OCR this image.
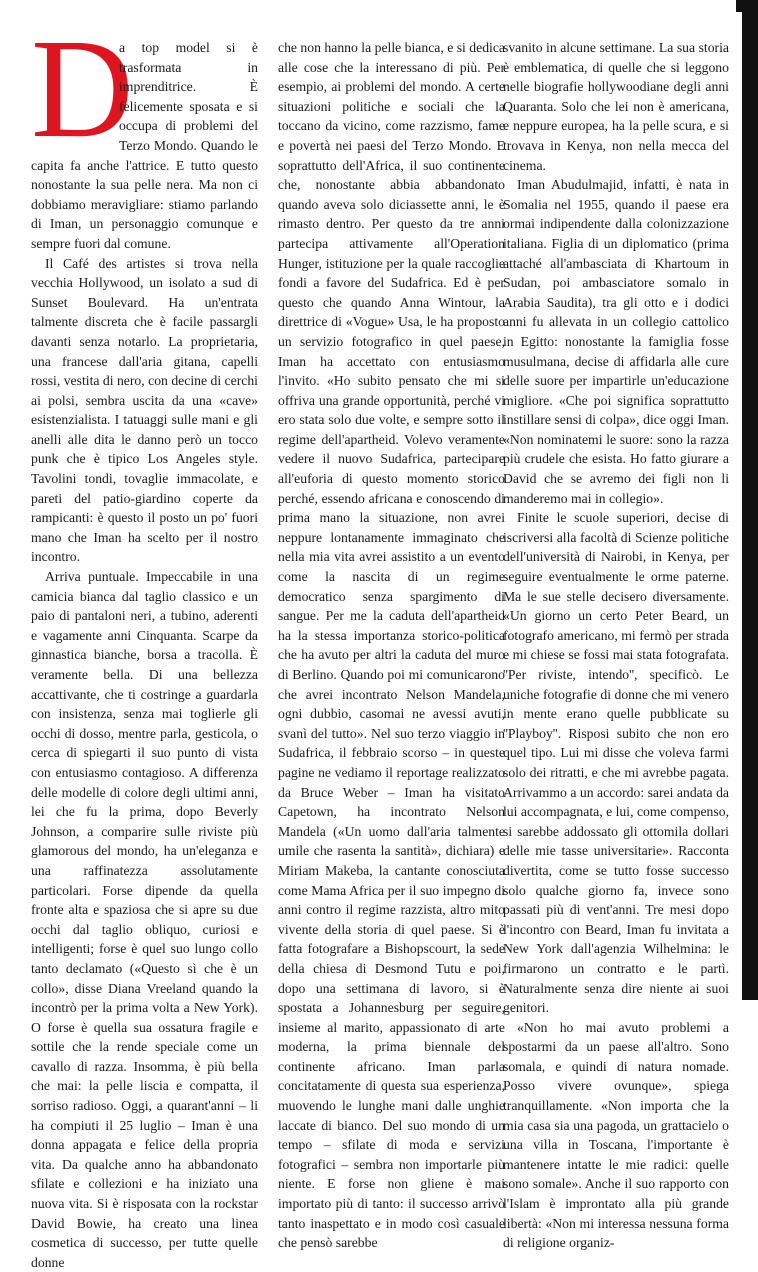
D

a top model si è trasformata in imprenditrice. È felicemente sposata e si occupa di problemi del Terzo Mondo. Quando le capita fa anche l'attrice. E tutto questo nonostante la sua pelle nera. Ma non ci dobbiamo meravigliare: stiamo parlando di Iman, un personaggio comunque e sempre fuori dal comune.

Il Café des artistes si trova nella vecchia Hollywood, un isolato a sud di Sunset Boulevard. Ha un'entrata talmente discreta che è facile passargli davanti senza notarlo. La proprietaria, una francese dall'aria gitana, capelli rossi, vestita di nero, con decine di cerchi ai polsi, sembra uscita da una «cave» esistenzialista. I tatuaggi sulle mani e gli anelli alle dita le danno però un tocco punk che è tipico Los Angeles style. Tavolini tondi, tovaglie immacolate, e pareti del patio-giardino coperte da rampicanti: è questo il posto un po' fuori mano che Iman ha scelto per il nostro incontro.

Arriva puntuale. Impeccabile in una camicia bianca dal taglio classico e un paio di pantaloni neri, a tubino, aderenti e vagamente anni Cinquanta. Scarpe da ginnastica bianche, borsa a tracolla. È veramente bella. Di una bellezza accattivante, che ti costringe a guardarla con insistenza, senza mai toglierle gli occhi di dosso, mentre parla, gesticola, o cerca di spiegarti il suo punto di vista con entusiasmo contagioso. A differenza delle modelle di colore degli ultimi anni, lei che fu la prima, dopo Beverly Johnson, a comparire sulle riviste più glamorous del mondo, ha un'eleganza e una raffinatezza assolutamente particolari. Forse dipende da quella fronte alta e spaziosa che si apre su due occhi dal taglio obliquo, curiosi e intelligenti; forse è quel suo lungo collo tanto declamato («Questo sì che è un collo», disse Diana Vreeland quando la incontrò per la prima volta a New York). O forse è quella sua ossatura fragile e sottile che la rende speciale come un cavallo di razza. Insomma, è più bella che mai: la pelle liscia e compatta, il sorriso radioso. Oggi, a quarant'anni – li ha compiuti il 25 luglio – Iman è una donna appagata e felice della propria vita. Da qualche anno ha abbandonato sfilate e collezioni e ha iniziato una nuova vita. Si è risposata con la rockstar David Bowie, ha creato una linea cosmetica di successo, per tutte quelle donne

che non hanno la pelle bianca, e si dedica alle cose che la interessano di più. Per esempio, ai problemi del mondo. A certe situazioni politiche e sociali che la toccano da vicino, come razzismo, fame e povertà nei paesi del Terzo Mondo. E soprattutto dell'Africa, il suo continente che, nonostante abbia abbandonato quando aveva solo diciassette anni, le è rimasto dentro. Per questo da tre anni partecipa attivamente all'Operation Hunger, istituzione per la quale raccoglie fondi a favore del Sudafrica. Ed è per questo che quando Anna Wintour, la direttrice di «Vogue» Usa, le ha proposto un servizio fotografico in quel paese, Iman ha accettato con entusiasmo l'invito. «Ho subito pensato che mi si offriva una grande opportunità, perché vi ero stata solo due volte, e sempre sotto il regime dell'apartheid. Volevo veramente vedere il nuovo Sudafrica, partecipare all'euforia di questo momento storico perché, essendo africana e conoscendo di prima mano la situazione, non avrei neppure lontanamente immaginato che nella mia vita avrei assistito a un evento come la nascita di un regime democratico senza spargimento di sangue. Per me la caduta dell'apartheid ha la stessa importanza storico-politica che ha avuto per altri la caduta del muro di Berlino. Quando poi mi comunicarono che avrei incontrato Nelson Mandela, ogni dubbio, casomai ne avessi avuti, svanì del tutto». Nel suo terzo viaggio in Sudafrica, il febbraio scorso – in queste pagine ne vediamo il reportage realizzato da Bruce Weber – Iman ha visitato Capetown, ha incontrato Nelson Mandela («Un uomo dall'aria talmente umile che rasenta la santità», dichiara) e Miriam Makeba, la cantante conosciuta come Mama Africa per il suo impegno di anni contro il regime razzista, altro mito vivente della storia di quel paese. Si è fatta fotografare a Bishopscourt, la sede della chiesa di Desmond Tutu e poi, dopo una settimana di lavoro, si è spostata a Johannesburg per seguire, insieme al marito, appassionato di arte moderna, la prima biennale del continente africano. Iman parla concitatamente di questa sua esperienza, muovendo le lunghe mani dalle unghie laccate di bianco. Del suo mondo di un tempo – sfilate di moda e servizi fotografici – sembra non importarle più niente. E forse non gliene è mai importato più di tanto: il successo arrivò tanto inaspettato e in modo così casuale che pensò sarebbe

svanito in alcune settimane. La sua storia è emblematica, di quelle che si leggono nelle biografie hollywoodiane degli anni Quaranta. Solo che lei non è americana, e neppure europea, ha la pelle scura, e si trovava in Kenya, non nella mecca del cinema.

Iman Abudulmajid, infatti, è nata in Somalia nel 1955, quando il paese era ormai indipendente dalla colonizzazione italiana. Figlia di un diplomatico (prima attaché all'ambasciata di Khartoum in Sudan, poi ambasciatore somalo in Arabia Saudita), tra gli otto e i dodici anni fu allevata in un collegio cattolico in Egitto: nonostante la famiglia fosse musulmana, decise di affidarla alle cure delle suore per impartirle un'educazione migliore. «Che poi significa soprattutto instillare sensi di colpa», dice oggi Iman. «Non nominatemi le suore: sono la razza più crudele che esista. Ho fatto giurare a David che se avremo dei figli non li manderemo mai in collegio».

Finite le scuole superiori, decise di iscriversi alla facoltà di Scienze politiche dell'università di Nairobi, in Kenya, per seguire eventualmente le orme paterne. Ma le sue stelle decisero diversamente. «Un giorno un certo Peter Beard, un fotografo americano, mi fermò per strada e mi chiese se fossi mai stata fotografata. ''Per riviste, intendo'', specificò. Le uniche fotografie di donne che mi venero in mente erano quelle pubblicate su ''Playboy''. Risposi subito che non ero quel tipo. Lui mi disse che voleva farmi solo dei ritratti, e che mi avrebbe pagata. Arrivammo a un accordo: sarei andata da lui accompagnata, e lui, come compenso, si sarebbe addossato gli ottomila dollari delle mie tasse universitarie». Racconta divertita, come se tutto fosse successo solo qualche giorno fa, invece sono passati più di vent'anni. Tre mesi dopo l'incontro con Beard, Iman fu invitata a New York dall'agenzia Wilhelmina: le firmarono un contratto e le partì. Naturalmente senza dire niente ai suoi genitori.

«Non ho mai avuto problemi a spostarmi da un paese all'altro. Sono somala, e quindi di natura nomade. Posso vivere ovunque», spiega tranquillamente. «Non importa che la mia casa sia una pagoda, un grattacielo o una villa in Toscana, l'importante è mantenere intatte le mie radici: quelle sono somale». Anche il suo rapporto con l'Islam è improntato alla più grande libertà: «Non mi interessa nessuna forma di religione organiz-
